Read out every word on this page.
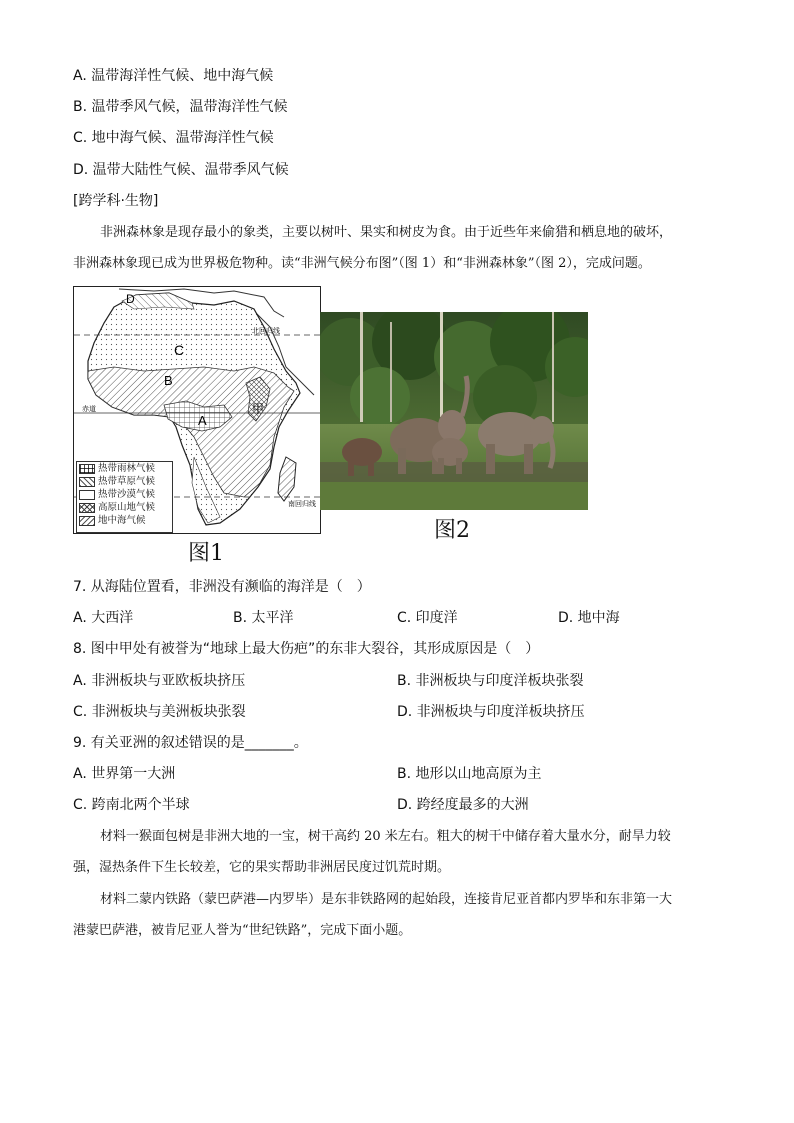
A. 温带海洋性气候、地中海气候
B. 温带季风气候，温带海洋性气候
C. 地中海气候、温带海洋性气候
D. 温带大陆性气候、温带季风气候
[跨学科·生物]
非洲森林象是现存最小的象类，主要以树叶、果实和树皮为食。由于近些年来偷猎和栖息地的破坏，
非洲森林象现已成为世界极危物种。读“非洲气候分布图”（图 1）和“非洲森林象”（图 2），完成问题。
D
C
B
A
甲
北回归线
赤道
南回归线
热带雨林气候
热带草原气候
热带沙漠气候
高原山地气候
地中海气候
图1
图2
7. 从海陆位置看，非洲没有濒临的海洋是（　）
A. 大西洋	B. 太平洋	C. 印度洋	D. 地中海
8. 图中甲处有被誉为“地球上最大伤疤”的东非大裂谷，其形成原因是（　）
A. 非洲板块与亚欧板块挤压	B. 非洲板块与印度洋板块张裂
C. 非洲板块与美洲板块张裂	D. 非洲板块与印度洋板块挤压
9. 有关亚洲的叙述错误的是_______。
A. 世界第一大洲	B. 地形以山地高原为主
C. 跨南北两个半球	D. 跨经度最多的大洲
材料一猴面包树是非洲大地的一宝，树干高约 20 米左右。粗大的树干中储存着大量水分，耐旱力较
强，湿热条件下生长较差，它的果实帮助非洲居民度过饥荒时期。
材料二蒙内铁路（蒙巴萨港—内罗毕）是东非铁路网的起始段，连接肯尼亚首都内罗毕和东非第一大
港蒙巴萨港，被肯尼亚人誉为“世纪铁路”，完成下面小题。
